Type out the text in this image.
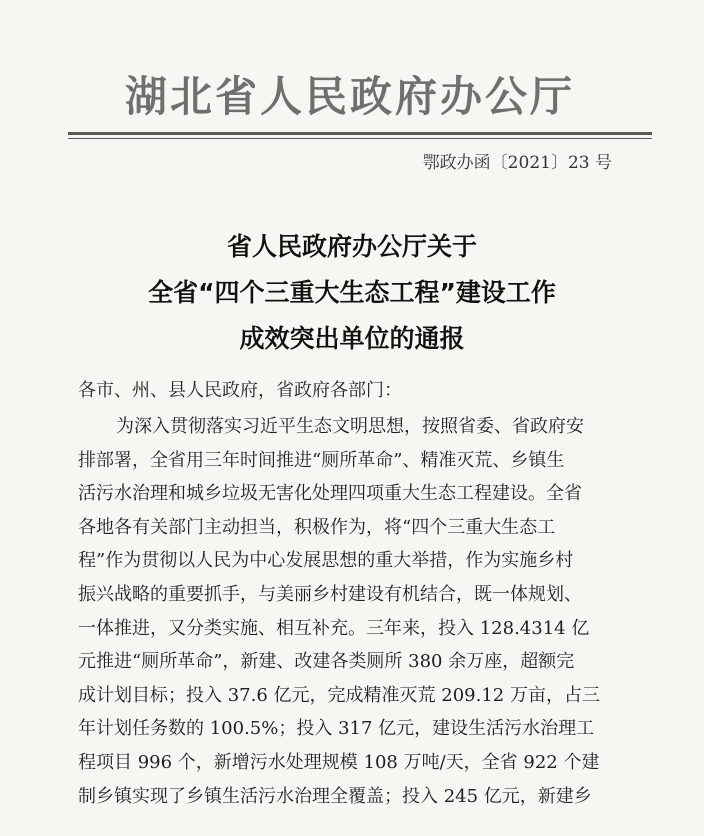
湖北省人民政府办公厅
鄂政办函〔2021〕23 号
省人民政府办公厅关于
全省“四个三重大生态工程”建设工作
成效突出单位的通报
各市、州、县人民政府，省政府各部门：
为深入贯彻落实习近平生态文明思想，按照省委、省政府安
排部署，全省用三年时间推进“厕所革命”、精准灭荒、乡镇生
活污水治理和城乡垃圾无害化处理四项重大生态工程建设。全省
各地各有关部门主动担当，积极作为，将“四个三重大生态工
程”作为贯彻以人民为中心发展思想的重大举措，作为实施乡村
振兴战略的重要抓手，与美丽乡村建设有机结合，既一体规划、
一体推进，又分类实施、相互补充。三年来，投入 128.4314 亿
元推进“厕所革命”，新建、改建各类厕所 380 余万座，超额完
成计划目标；投入 37.6 亿元，完成精准灭荒 209.12 万亩，占三
年计划任务数的 100.5%；投入 317 亿元，建设生活污水治理工
程项目 996 个，新增污水处理规模 108 万吨/天，全省 922 个建
制乡镇实现了乡镇生活污水治理全覆盖；投入 245 亿元，新建乡
